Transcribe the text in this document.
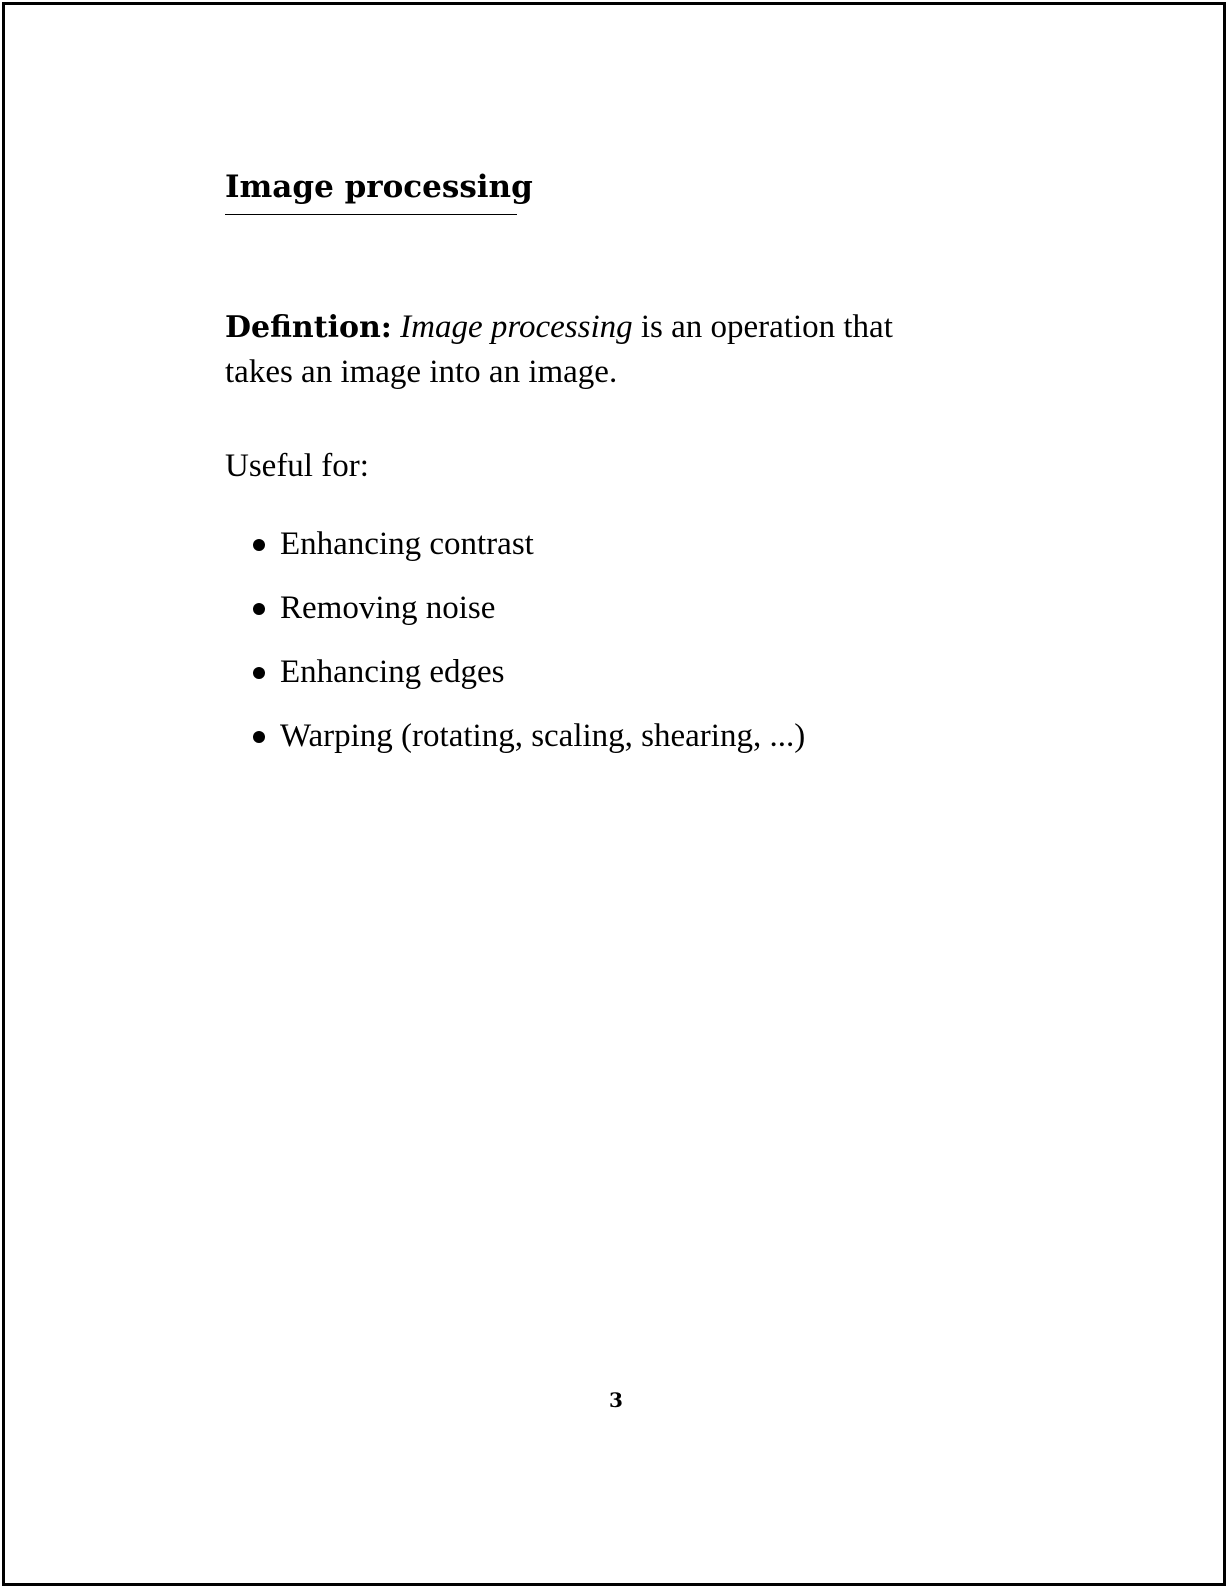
Image processing

Defintion: Image processing is an operation that
takes an image into an image.

Useful for:

Enhancing contrast
Removing noise
Enhancing edges
Warping (rotating, scaling, shearing, ...)
3
